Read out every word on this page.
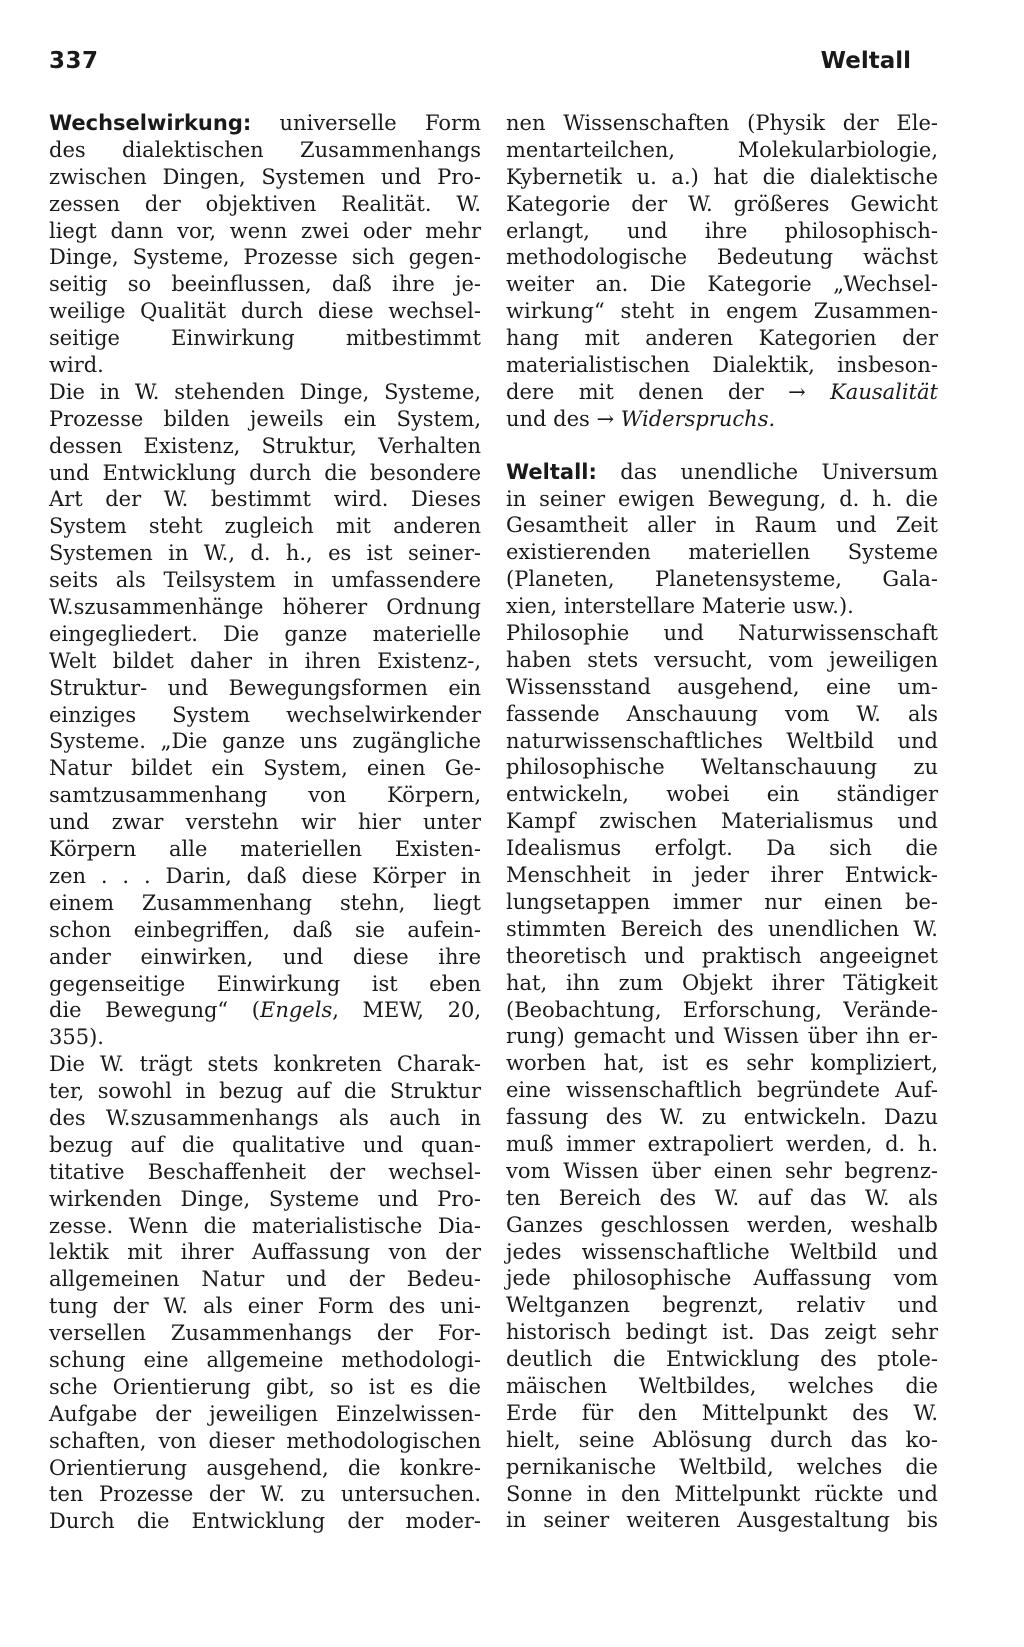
337	Weltall
Wechselwirkung: universelle Form
des dialektischen Zusammenhangs
zwischen Dingen, Systemen und Pro-
zessen der objektiven Realität. W.
liegt dann vor, wenn zwei oder mehr
Dinge, Systeme, Prozesse sich gegen-
seitig so beeinflussen, daß ihre je-
weilige Qualität durch diese wechsel-
seitige Einwirkung mitbestimmt
wird.
Die in W. stehenden Dinge, Systeme,
Prozesse bilden jeweils ein System,
dessen Existenz, Struktur, Verhalten
und Entwicklung durch die besondere
Art der W. bestimmt wird. Dieses
System steht zugleich mit anderen
Systemen in W., d. h., es ist seiner-
seits als Teilsystem in umfassendere
W.szusammenhänge höherer Ordnung
eingegliedert. Die ganze materielle
Welt bildet daher in ihren Existenz-,
Struktur- und Bewegungsformen ein
einziges System wechselwirkender
Systeme. „Die ganze uns zugängliche
Natur bildet ein System, einen Ge-
samtzusammenhang von Körpern,
und zwar verstehn wir hier unter
Körpern alle materiellen Existen-
zen . . . Darin, daß diese Körper in
einem Zusammenhang stehn, liegt
schon einbegriffen, daß sie aufein-
ander einwirken, und diese ihre
gegenseitige Einwirkung ist eben
die Bewegung“ (Engels, MEW, 20,
355).
Die W. trägt stets konkreten Charak-
ter, sowohl in bezug auf die Struktur
des W.szusammenhangs als auch in
bezug auf die qualitative und quan-
titative Beschaffenheit der wechsel-
wirkenden Dinge, Systeme und Pro-
zesse. Wenn die materialistische Dia-
lektik mit ihrer Auffassung von der
allgemeinen Natur und der Bedeu-
tung der W. als einer Form des uni-
versellen Zusammenhangs der For-
schung eine allgemeine methodologi-
sche Orientierung gibt, so ist es die
Aufgabe der jeweiligen Einzelwissen-
schaften, von dieser methodologischen
Orientierung ausgehend, die konkre-
ten Prozesse der W. zu untersuchen.
Durch die Entwicklung der moder-
nen Wissenschaften (Physik der Ele-
mentarteilchen, Molekularbiologie,
Kybernetik u. a.) hat die dialektische
Kategorie der W. größeres Gewicht
erlangt, und ihre philosophisch-
methodologische Bedeutung wächst
weiter an. Die Kategorie „Wechsel-
wirkung“ steht in engem Zusammen-
hang mit anderen Kategorien der
materialistischen Dialektik, insbeson-
dere mit denen der → Kausalität
und des → Widerspruchs.
Weltall: das unendliche Universum
in seiner ewigen Bewegung, d. h. die
Gesamtheit aller in Raum und Zeit
existierenden materiellen Systeme
(Planeten, Planetensysteme, Gala-
xien, interstellare Materie usw.).
Philosophie und Naturwissenschaft
haben stets versucht, vom jeweiligen
Wissensstand ausgehend, eine um-
fassende Anschauung vom W. als
naturwissenschaftliches Weltbild und
philosophische Weltanschauung zu
entwickeln, wobei ein ständiger
Kampf zwischen Materialismus und
Idealismus erfolgt. Da sich die
Menschheit in jeder ihrer Entwick-
lungsetappen immer nur einen be-
stimmten Bereich des unendlichen W.
theoretisch und praktisch angeeignet
hat, ihn zum Objekt ihrer Tätigkeit
(Beobachtung, Erforschung, Verände-
rung) gemacht und Wissen über ihn er-
worben hat, ist es sehr kompliziert,
eine wissenschaftlich begründete Auf-
fassung des W. zu entwickeln. Dazu
muß immer extrapoliert werden, d. h.
vom Wissen über einen sehr begrenz-
ten Bereich des W. auf das W. als
Ganzes geschlossen werden, weshalb
jedes wissenschaftliche Weltbild und
jede philosophische Auffassung vom
Weltganzen begrenzt, relativ und
historisch bedingt ist. Das zeigt sehr
deutlich die Entwicklung des ptole-
mäischen Weltbildes, welches die
Erde für den Mittelpunkt des W.
hielt, seine Ablösung durch das ko-
pernikanische Weltbild, welches die
Sonne in den Mittelpunkt rückte und
in seiner weiteren Ausgestaltung bis
